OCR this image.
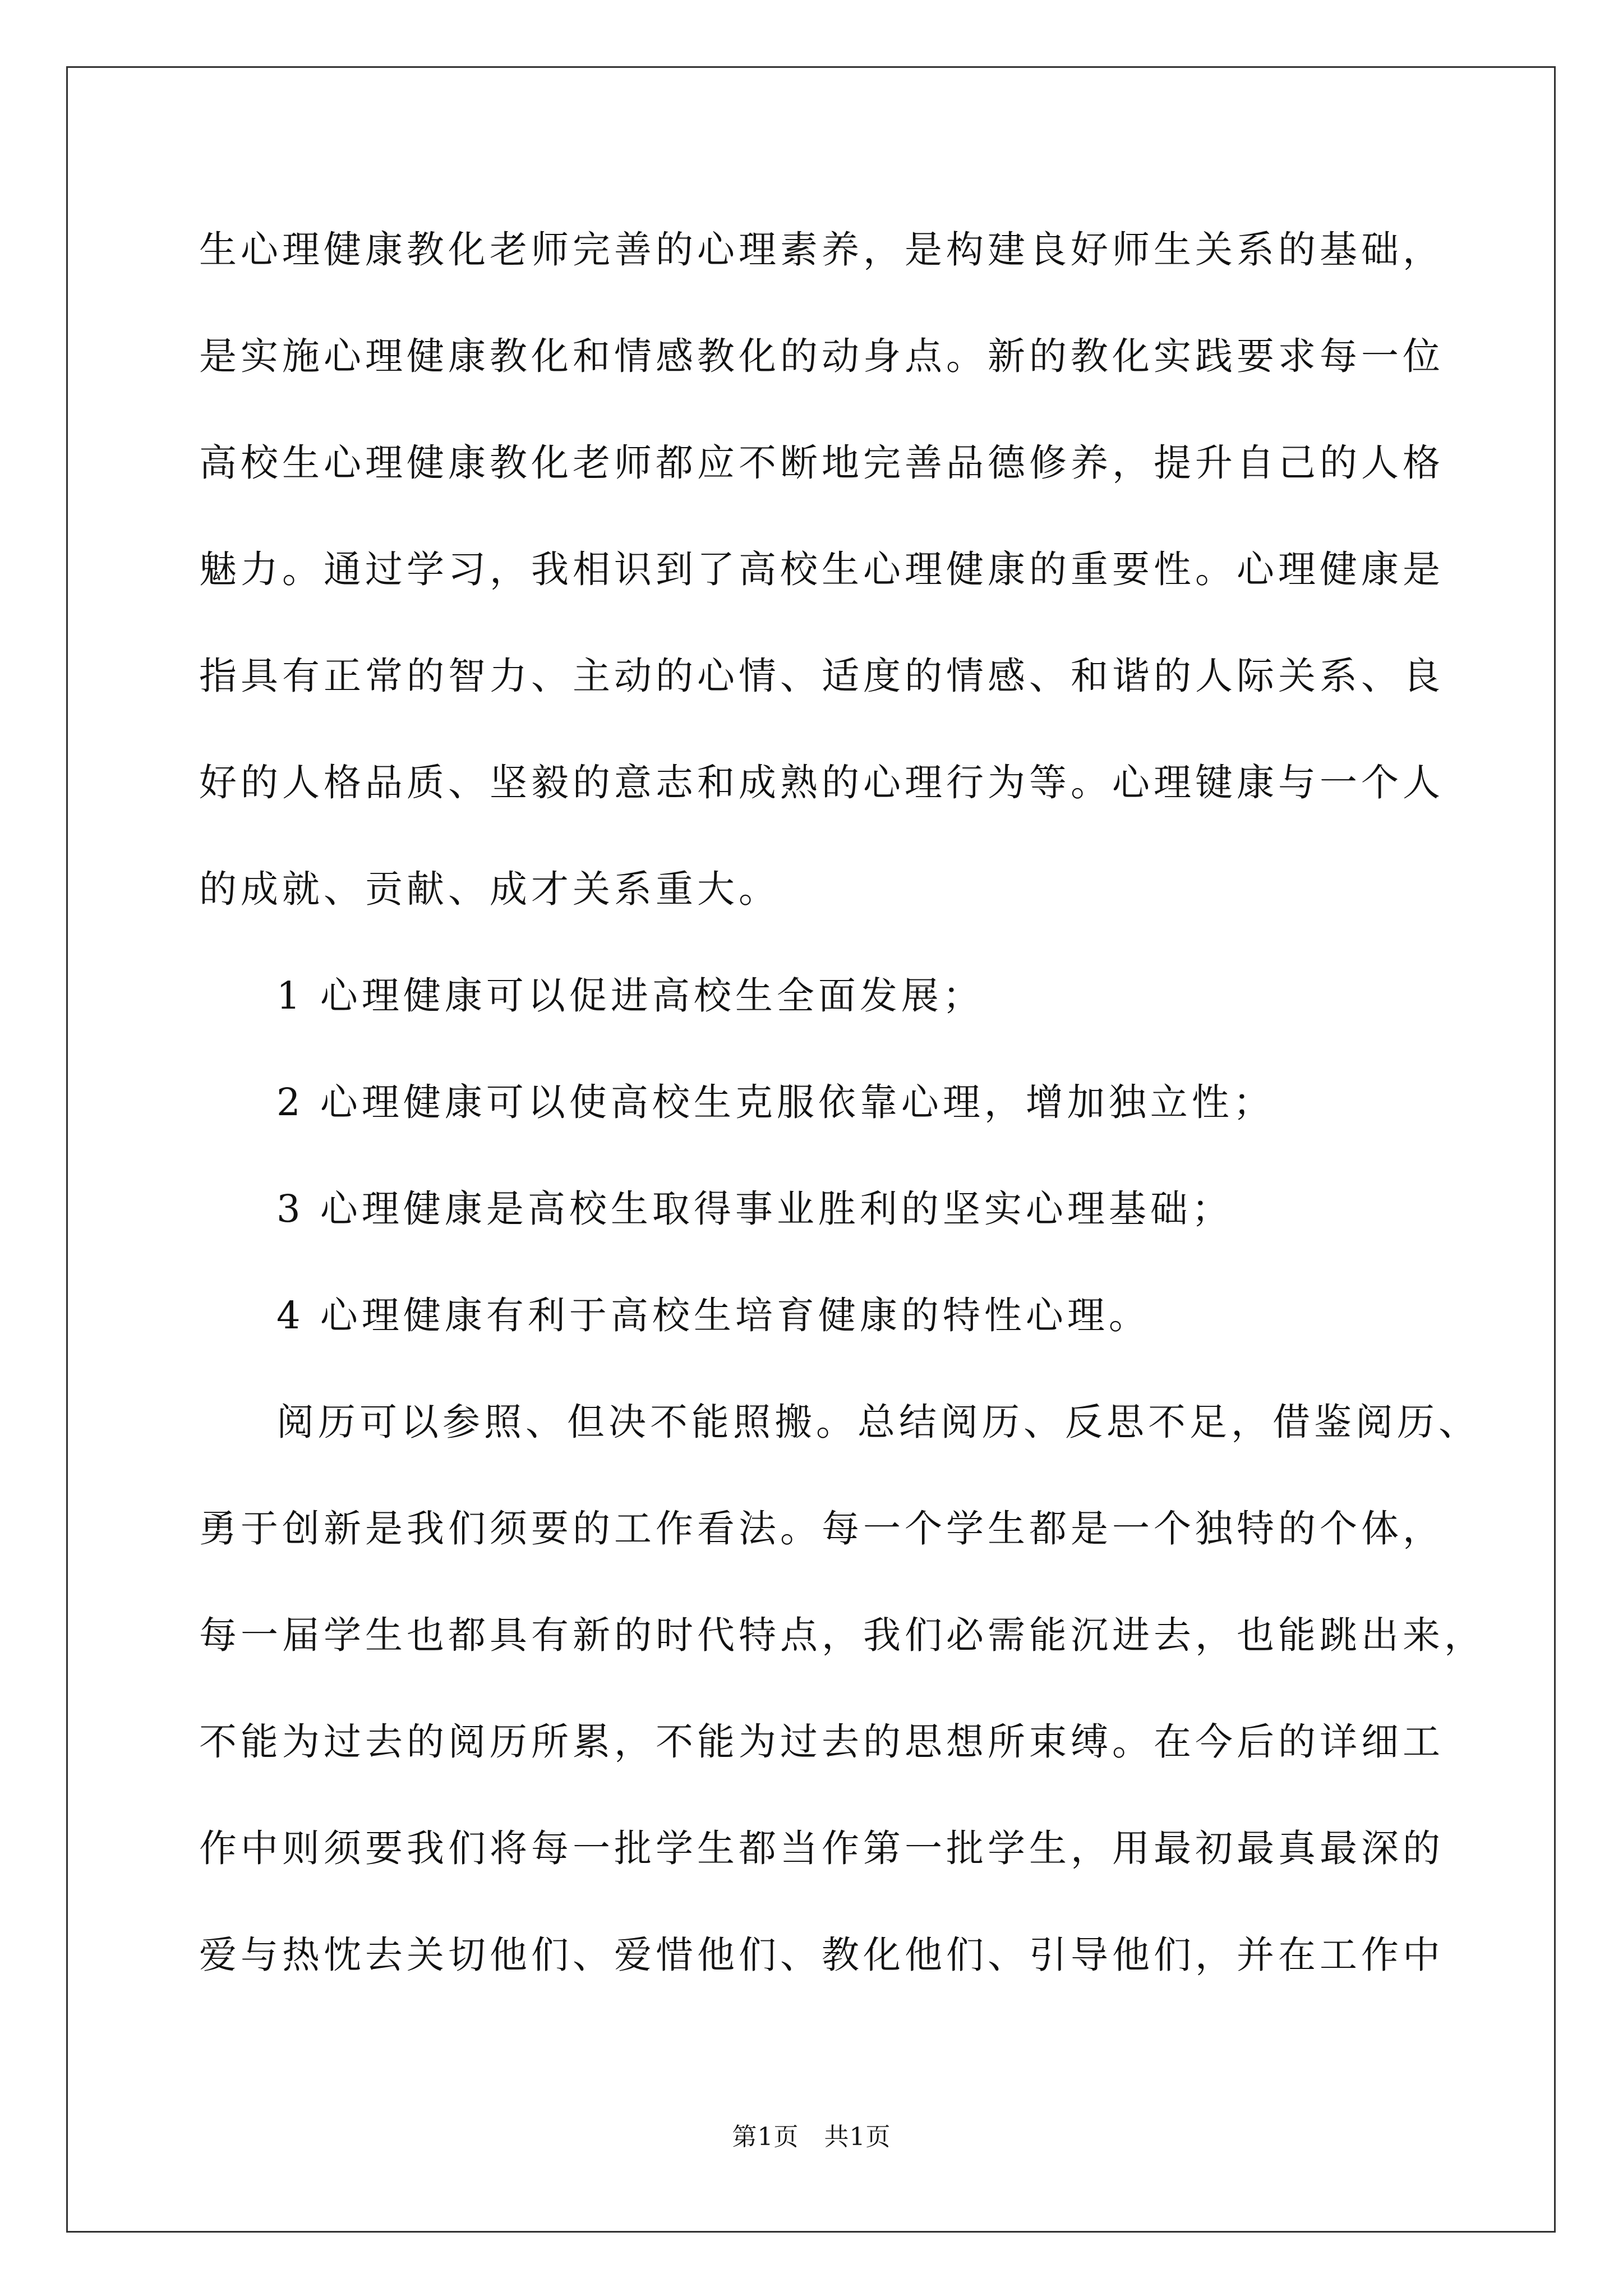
生心理健康教化老师完善的心理素养，是构建良好师生关系的基础，
是实施心理健康教化和情感教化的动身点。新的教化实践要求每一位
高校生心理健康教化老师都应不断地完善品德修养，提升自己的人格
魅力。通过学习，我相识到了高校生心理健康的重要性。心理健康是
指具有正常的智力、主动的心情、适度的情感、和谐的人际关系、良
好的人格品质、坚毅的意志和成熟的心理行为等。心理键康与一个人
的成就、贡献、成才关系重大。
1 心理健康可以促进高校生全面发展；
2 心理健康可以使高校生克服依靠心理，增加独立性；
3 心理健康是高校生取得事业胜利的坚实心理基础；
4 心理健康有利于高校生培育健康的特性心理。
阅历可以参照、但决不能照搬。总结阅历、反思不足，借鉴阅历、
勇于创新是我们须要的工作看法。每一个学生都是一个独特的个体，
每一届学生也都具有新的时代特点，我们必需能沉进去，也能跳出来，
不能为过去的阅历所累，不能为过去的思想所束缚。在今后的详细工
作中则须要我们将每一批学生都当作第一批学生，用最初最真最深的
爱与热忱去关切他们、爱惜他们、教化他们、引导他们，并在工作中
第1页   共1页
